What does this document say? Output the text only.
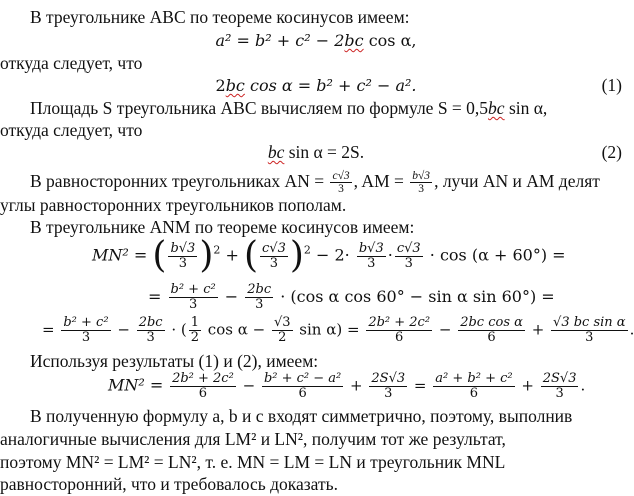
В треугольнике ABC по теореме косинусов имеем:
a² = b² + c² − 2bc cos α,
откуда следует, что
2bc cos α = b² + c² − a².	(1)
Площадь S треугольника ABC вычисляем по формуле S = 0,5bc sin α,
откуда следует, что
bc sin α = 2S.	(2)
В равносторонних треугольниках AN = $\frac{c√3}{3}$ , AM = $\frac{b√3}{3}$ , лучи AN и AM делят
углы равносторонних треугольников пополам.
В треугольнике ANM по теореме косинусов имеем:
MN² = ( $\frac{b√3}{3} )^2$ + ( $\frac{c√3}{3} )^2 - 2\cdot \frac{b√3}{3} \cdot \frac{c√3}{3} \cdot \cos (\alpha + 60^\circ)$ =
= $\frac{\text{b² + c²}}{3} - \frac{2bc}{3} \cdot (\cos$ α cos 60° − sin α sin 60°) =
= $\frac{\text{b² + c²}}{3} - \frac{2bc}{3}$ · ( $\frac{1}{2}$ $\cos \alpha - \frac{√3}{2}$ $\sin \alpha) = \frac{\text{2b² + 2c²}}{6} - \frac{\text{2bc cos α}}{6} + \frac{\text{√3 bc sin α}}{3}$ .
Используя результаты (1) и (2), имеем:
$MN^2 = \frac{\text{2b² + 2c²}}{6} - \frac{\text{b² + c² − a²}}{6} + \frac{2S√3}{3} = \frac{\text{a² + b² + c²}}{6} + \frac{2S√3}{3}$ .
В полученную формулу a, b и c входят симметрично, поэтому, выполнив
аналогичные вычисления для LM² и LN², получим тот же результат,
поэтому MN² = LM² = LN², т. е. MN = LM = LN и треугольник MNL
равносторонний, что и требовалось доказать.
